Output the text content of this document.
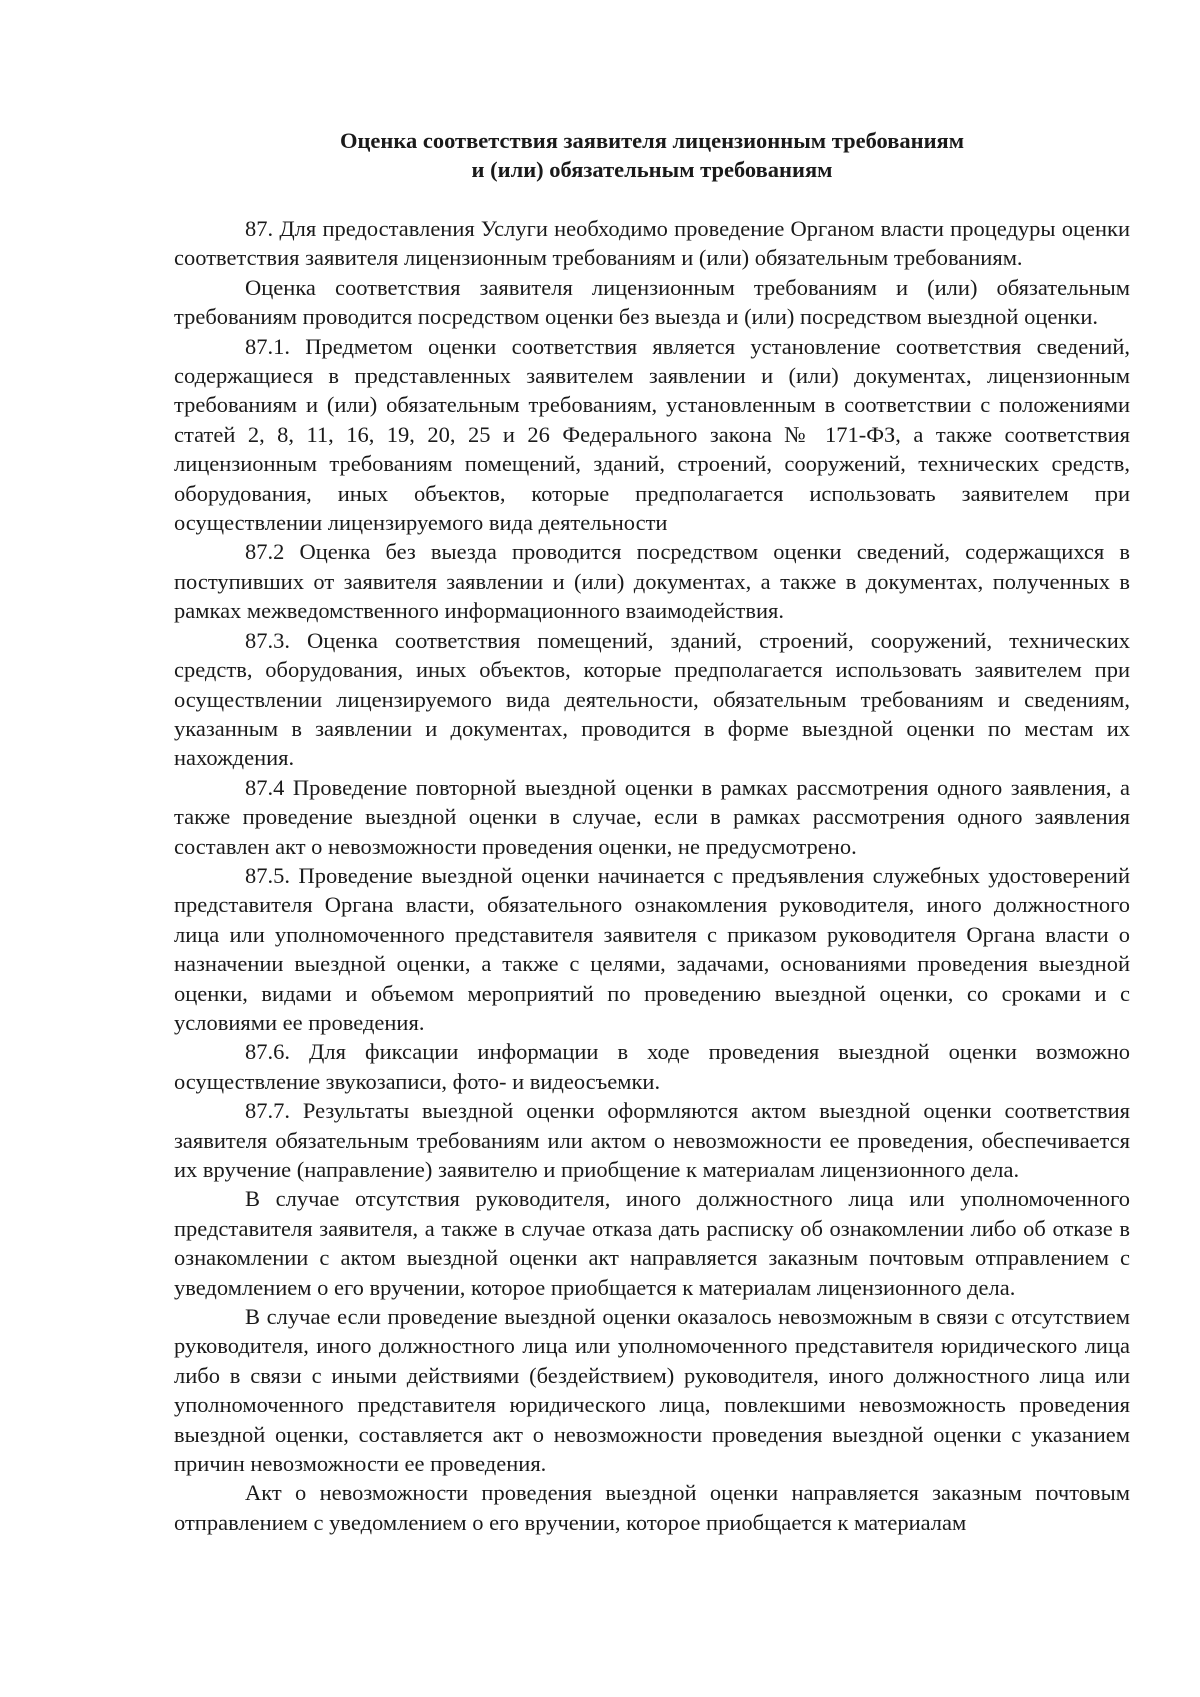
Оценка соответствия заявителя лицензионным требованиям
и (или) обязательным требованиям

87. Для предоставления Услуги необходимо проведение Органом власти процедуры оценки соответствия заявителя лицензионным требованиям и (или) обязательным требованиям.

Оценка соответствия заявителя лицензионным требованиям и (или) обязательным требованиям проводится посредством оценки без выезда и (или) посредством выездной оценки.

87.1. Предметом оценки соответствия является установление соответствия сведений, содержащиеся в представленных заявителем заявлении и (или) документах, лицензионным требованиям и (или) обязательным требованиям, установленным в соответствии с положениями статей 2, 8, 11, 16, 19, 20, 25 и 26 Федерального закона № 171-ФЗ, а также соответствия лицензионным требованиям помещений, зданий, строений, сооружений, технических средств, оборудования, иных объектов, которые предполагается использовать заявителем при осуществлении лицензируемого вида деятельности

87.2 Оценка без выезда проводится посредством оценки сведений, содержащихся в поступивших от заявителя заявлении и (или) документах, а также в документах, полученных в рамках межведомственного информационного взаимодействия.

87.3. Оценка соответствия помещений, зданий, строений, сооружений, технических средств, оборудования, иных объектов, которые предполагается использовать заявителем при осуществлении лицензируемого вида деятельности, обязательным требованиям и сведениям, указанным в заявлении и документах, проводится в форме выездной оценки по местам их нахождения.

87.4 Проведение повторной выездной оценки в рамках рассмотрения одного заявления, а также проведение выездной оценки в случае, если в рамках рассмотрения одного заявления составлен акт о невозможности проведения оценки, не предусмотрено.

87.5. Проведение выездной оценки начинается с предъявления служебных удостоверений представителя Органа власти, обязательного ознакомления руководителя, иного должностного лица или уполномоченного представителя заявителя с приказом руководителя Органа власти о назначении выездной оценки, а также с целями, задачами, основаниями проведения выездной оценки, видами и объемом мероприятий по проведению выездной оценки, со сроками и с условиями ее проведения.

87.6. Для фиксации информации в ходе проведения выездной оценки возможно осуществление звукозаписи, фото- и видеосъемки.

87.7. Результаты выездной оценки оформляются актом выездной оценки соответствия заявителя обязательным требованиям или актом о невозможности ее проведения, обеспечивается их вручение (направление) заявителю и приобщение к материалам лицензионного дела.

В случае отсутствия руководителя, иного должностного лица или уполномоченного представителя заявителя, а также в случае отказа дать расписку об ознакомлении либо об отказе в ознакомлении с актом выездной оценки акт направляется заказным почтовым отправлением с уведомлением о его вручении, которое приобщается к материалам лицензионного дела.

В случае если проведение выездной оценки оказалось невозможным в связи с отсутствием руководителя, иного должностного лица или уполномоченного представителя юридического лица либо в связи с иными действиями (бездействием) руководителя, иного должностного лица или уполномоченного представителя юридического лица, повлекшими невозможность проведения выездной оценки, составляется акт о невозможности проведения выездной оценки с указанием причин невозможности ее проведения.

Акт о невозможности проведения выездной оценки направляется заказным почтовым отправлением с уведомлением о его вручении, которое приобщается к материалам
